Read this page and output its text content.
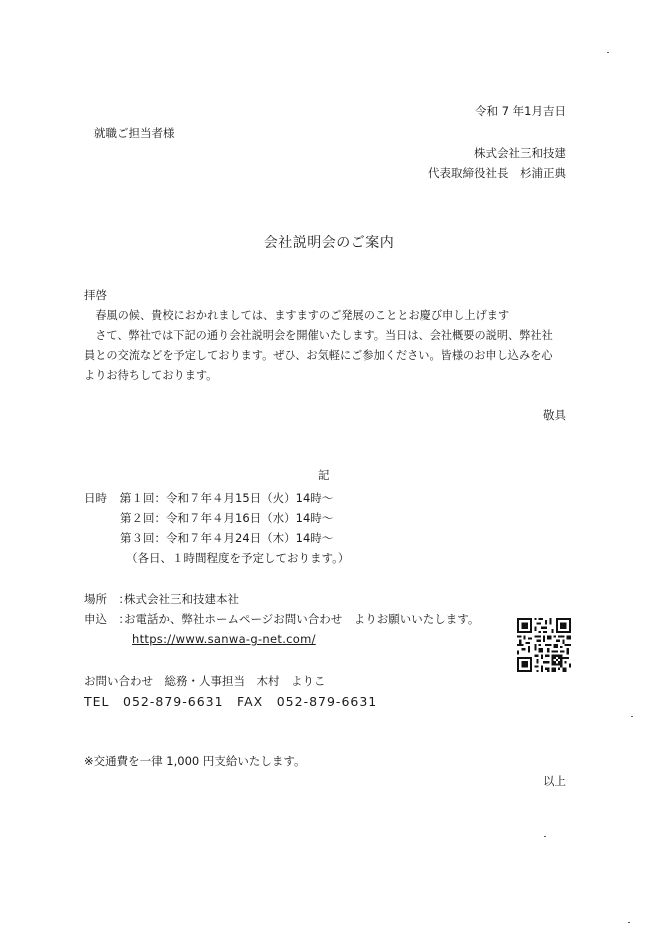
令和 7 年1月吉日
就職ご担当者様
株式会社三和技建
代表取締役社長　杉浦正典
会社説明会のご案内
拝啓
　春風の候、貴校におかれましては、ますますのご発展のこととお慶び申し上げます
　さて、弊社では下記の通り会社説明会を開催いたします。当日は、会社概要の説明、弊社社
員との交流などを予定しております。ぜひ、お気軽にご参加ください。皆様のお申し込みを心
よりお待ちしております。
敬具
記
日時　：
第１回：令和７年４月15日（火）14時～
第２回：令和７年４月16日（水）14時～
第３回：令和７年４月24日（木）14時～
（各日、１時間程度を予定しております。）
場所　：
株式会社三和技建本社
申込　：
お電話か、弊社ホームページお問い合わせ　よりお願いいたします。
https://www.sanwa-g-net.com/
お問い合わせ　総務・人事担当　木村　よりこ
TEL　052-879-6631　FAX　052-879-6631
※交通費を一律 1,000 円支給いたします。
以上
